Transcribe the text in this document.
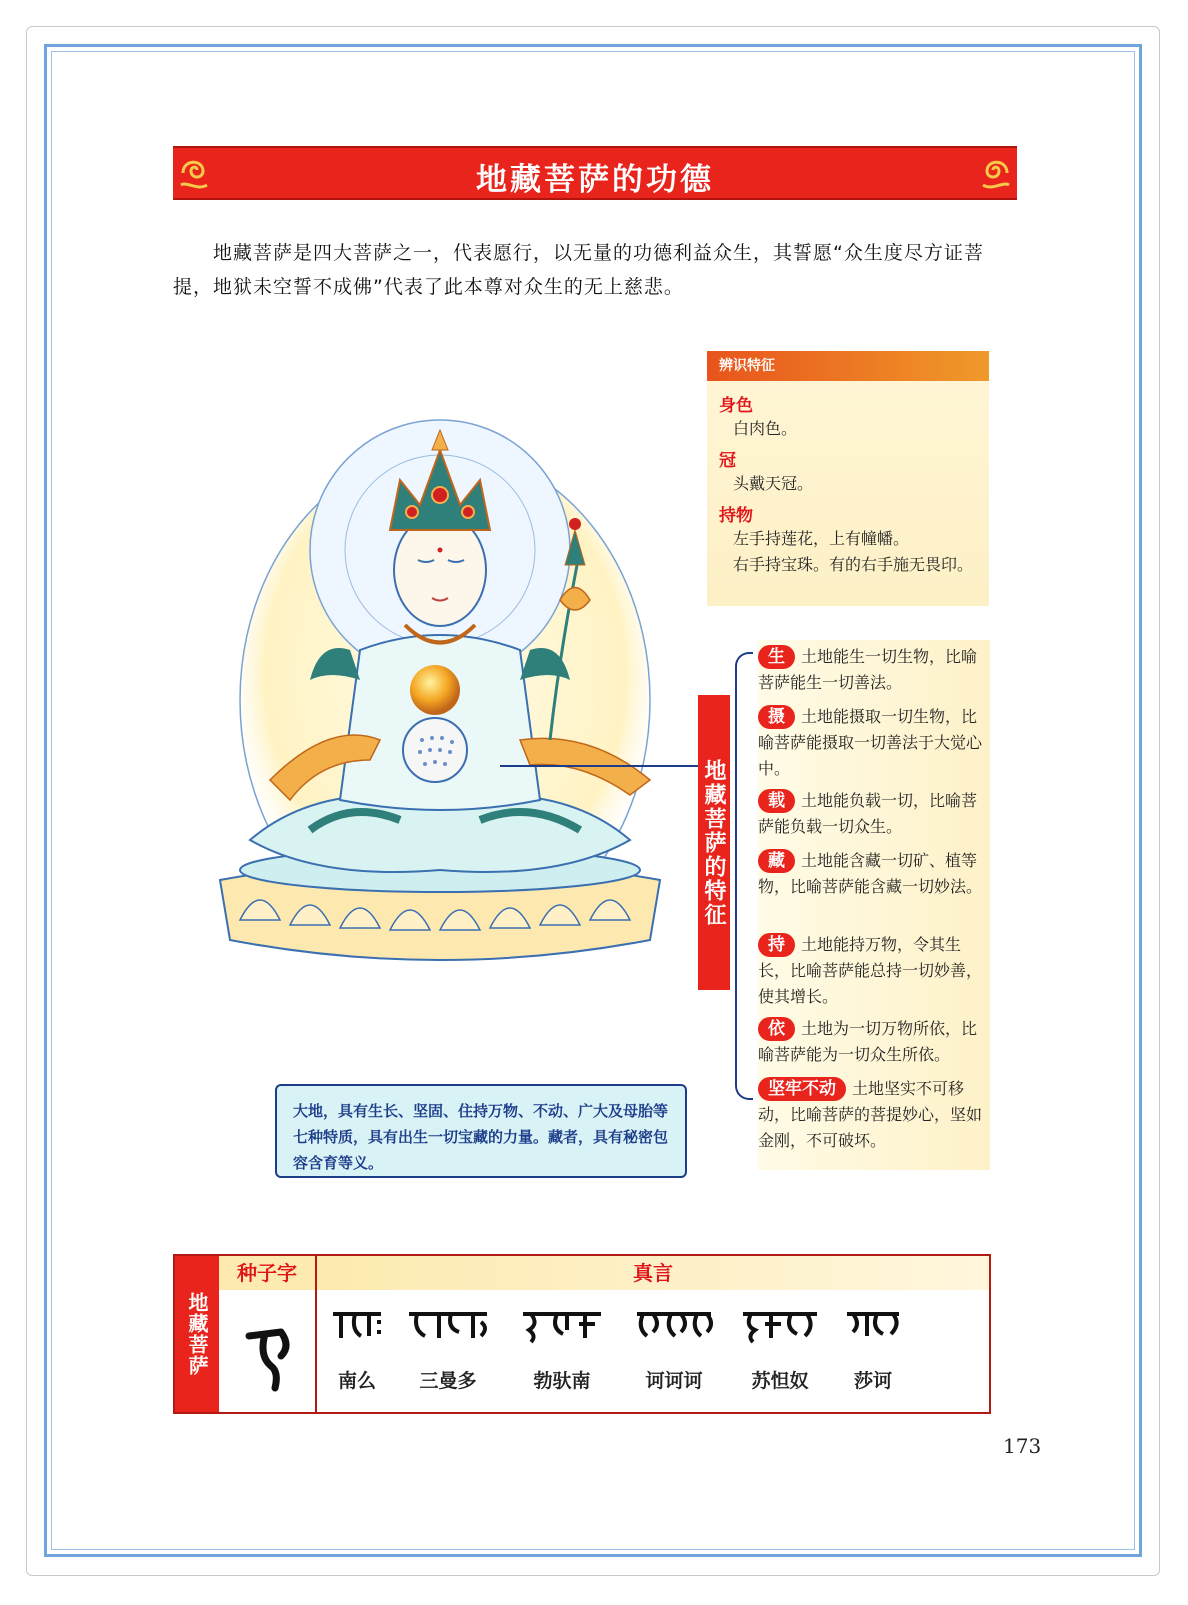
地藏菩萨的功德

地藏菩萨是四大菩萨之一，代表愿行，以无量的功德利益众生，其誓愿“众生度尽方证菩提，地狱未空誓不成佛”代表了此本尊对众生的无上慈悲。

辨识特征
身色
白肉色。
冠
头戴天冠。
持物
左手持莲花，上有幢幡。
右手持宝珠。有的右手施无畏印。
地藏菩萨的特征
生 土地能生一切生物，比喻菩萨能生一切善法。
摄 土地能摄取一切生物，比喻菩萨能摄取一切善法于大觉心中。
载 土地能负载一切，比喻菩萨能负载一切众生。
藏 土地能含藏一切矿、植等物，比喻菩萨能含藏一切妙法。
持 土地能持万物，令其生长，比喻菩萨能总持一切妙善，使其增长。
依 土地为一切万物所依，比喻菩萨能为一切众生所依。
坚牢不动 土地坚实不可移动，比喻菩萨的菩提妙心，坚如金刚，不可破坏。
大地，具有生长、坚固、住持万物、不动、广大及母胎等七种特质，具有出生一切宝藏的力量。藏者，具有秘密包容含育等义。
地藏菩萨
种子字	真言
南么	三曼多	勃驮南	诃诃诃	苏怛奴	莎诃
173
